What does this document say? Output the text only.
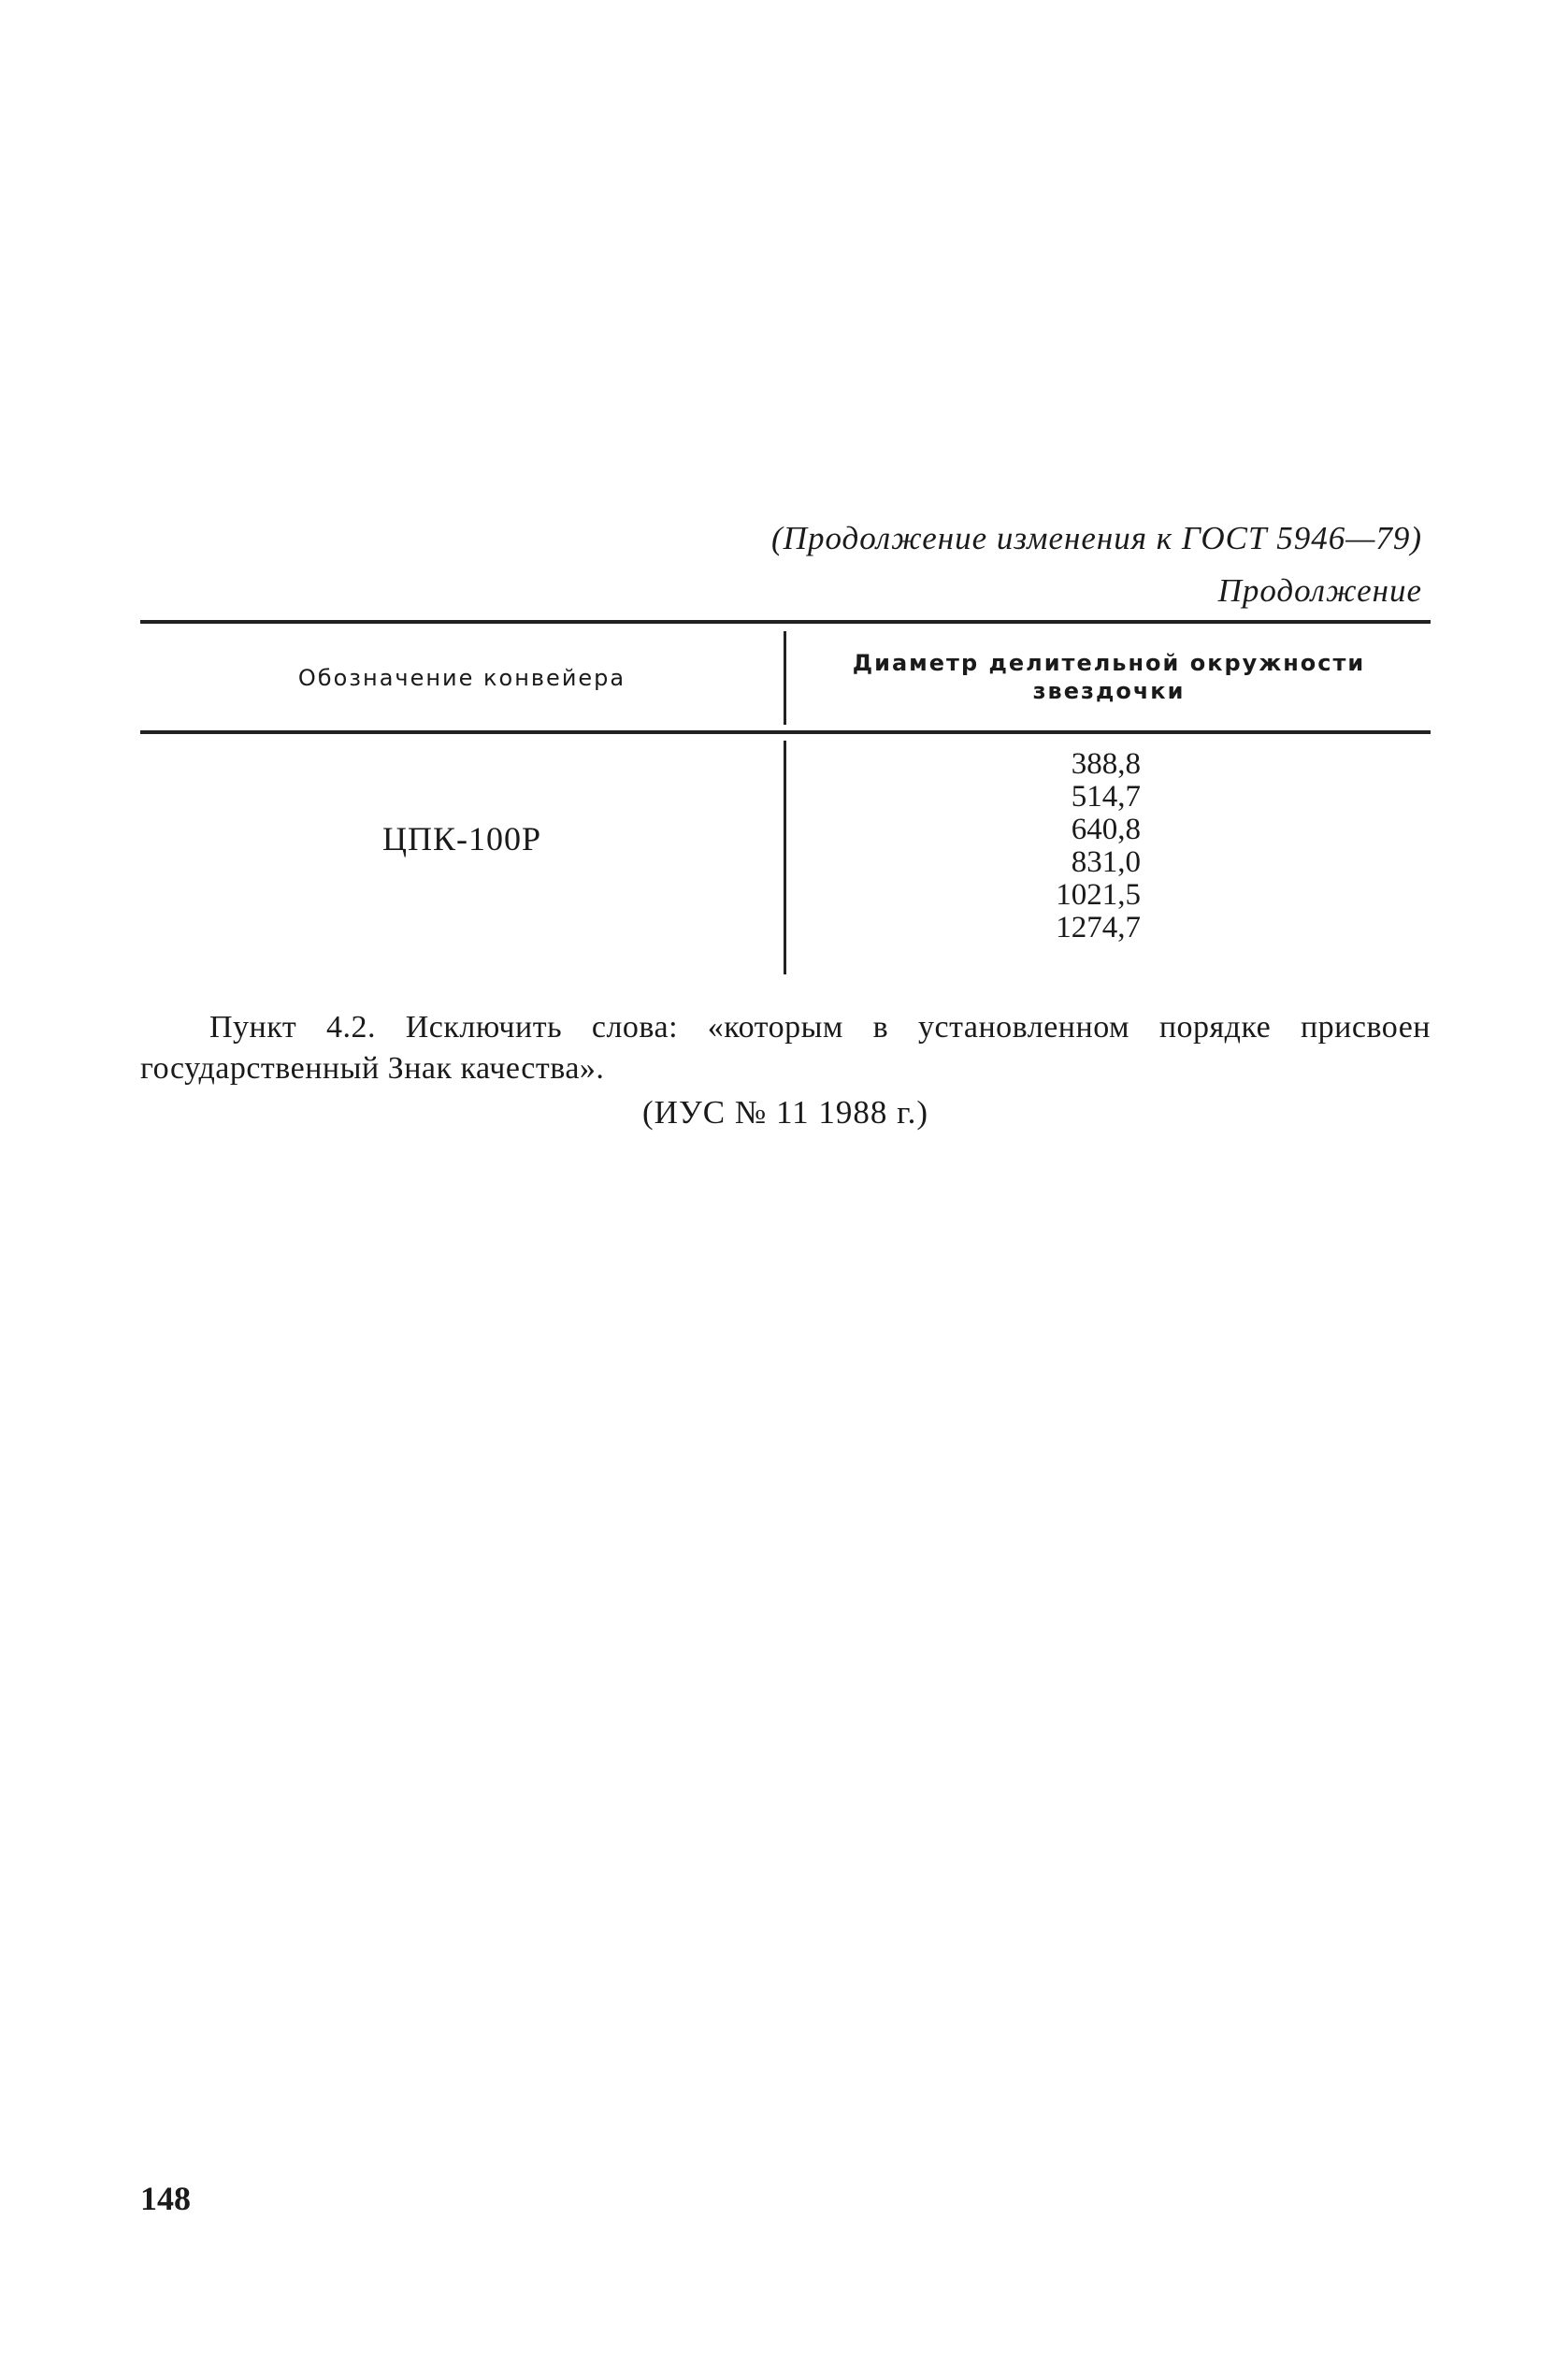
(Продолжение изменения к ГОСТ 5946—79)
Продолжение
Обозначение конвейера
Диаметр делительной окружности звездочки
ЦПК-100Р
388,8
514,7
640,8
831,0
1021,5
1274,7

Пункт 4.2. Исключить слова: «которым в установленном порядке присвоен государственный Знак качества».

(ИУС № 11 1988 г.)
148
